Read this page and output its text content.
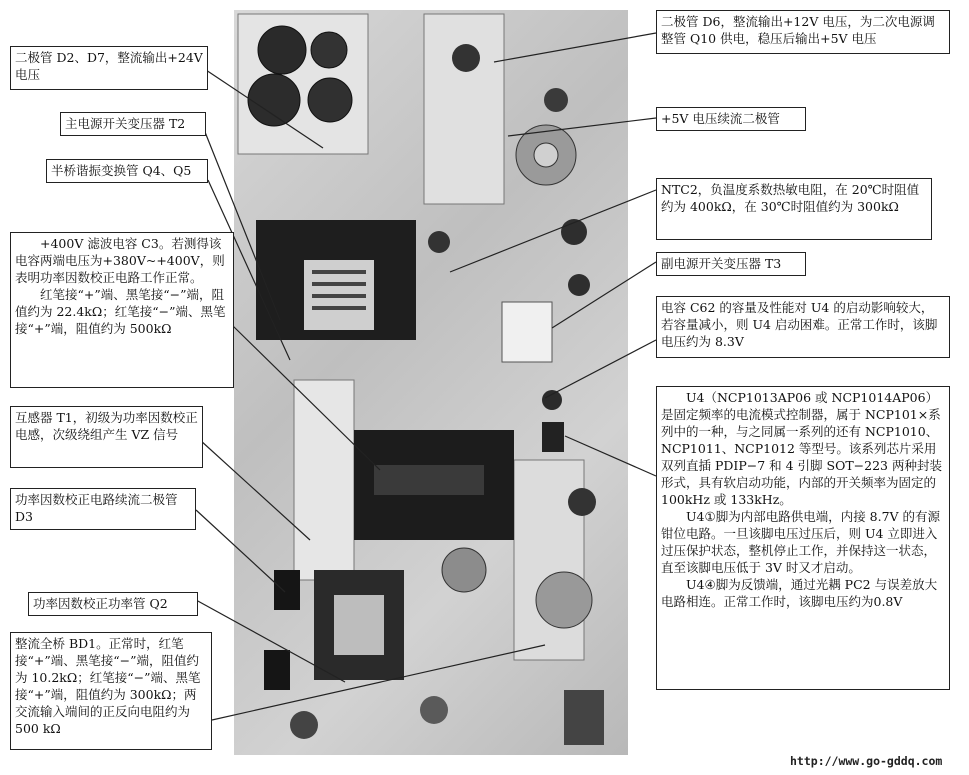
二极管 D2、D7，整流输出+24V 电压

主电源开关变压器 T2

半桥谐振变换管 Q4、Q5

+400V 滤波电容 C3。若测得该电容两端电压为+380V~+400V，则表明功率因数校正电路工作正常。

红笔接“+”端、黑笔接“−”端，阻值约为 22.4kΩ；红笔接“−”端、黑笔接“+”端，阻值约为 500kΩ

互感器 T1，初级为功率因数校正电感，次级绕组产生 VZ 信号

功率因数校正电路续流二极管 D3

功率因数校正功率管 Q2

整流全桥 BD1。正常时，红笔接“+”端、黑笔接“−”端，阻值约为 10.2kΩ；红笔接“−”端、黑笔接“+”端，阻值约为 300kΩ；两交流输入端间的正反向电阻约为 500 kΩ

二极管 D6，整流输出+12V 电压，为二次电源调整管 Q10 供电，稳压后输出+5V 电压

+5V 电压续流二极管

NTC2，负温度系数热敏电阻，在 20℃时阻值约为 400kΩ，在 30℃时阻值约为 300kΩ

副电源开关变压器 T3

电容 C62 的容量及性能对 U4 的启动影响较大，若容量减小，则 U4 启动困难。正常工作时，该脚电压约为 8.3V

U4（NCP1013AP06 或 NCP1014AP06）是固定频率的电流模式控制器，属于 NCP101×系列中的一种，与之同属一系列的还有 NCP1010、NCP1011、NCP1012 等型号。该系列芯片采用双列直插 PDIP−7 和 4 引脚 SOT−223 两种封装形式，具有软启动功能，内部的开关频率为固定的 100kHz 或 133kHz。

U4①脚为内部电路供电端，内接 8.7V 的有源钳位电路。一旦该脚电压过压后，则 U4 立即进入过压保护状态，整机停止工作，并保持这一状态，直至该脚电压低于 3V 时又才启动。

U4④脚为反馈端，通过光耦 PC2 与误差放大电路相连。正常工作时，该脚电压约为0.8V

http://www.go-gddq.com
